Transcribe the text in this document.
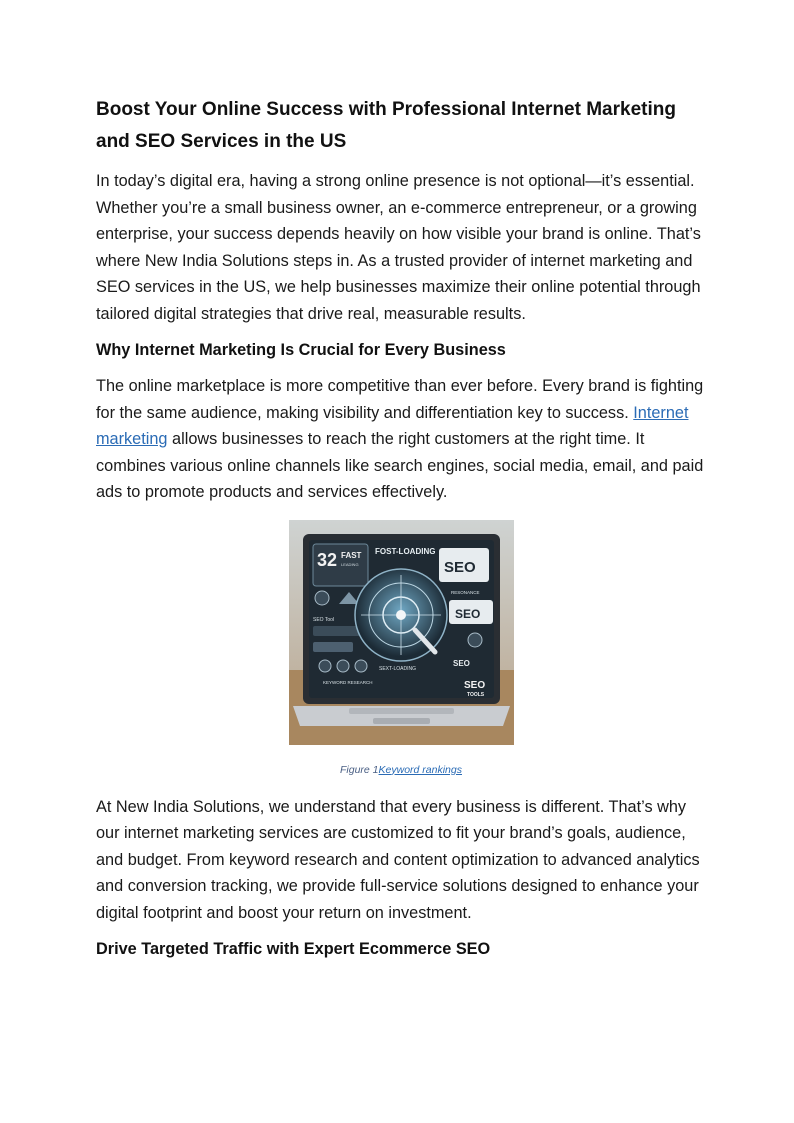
Boost Your Online Success with Professional Internet Marketing and SEO Services in the US

In today’s digital era, having a strong online presence is not optional—it’s essential. Whether you’re a small business owner, an e-commerce entrepreneur, or a growing enterprise, your success depends heavily on how visible your brand is online. That’s where New India Solutions steps in. As a trusted provider of internet marketing and SEO services in the US, we help businesses maximize their online potential through tailored digital strategies that drive real, measurable results.

Why Internet Marketing Is Crucial for Every Business

The online marketplace is more competitive than ever before. Every brand is fighting for the same audience, making visibility and differentiation key to success. Internet marketing allows businesses to reach the right customers at the right time. It combines various online channels like search engines, social media, email, and paid ads to promote products and services effectively.

32 FAST
LEADING
FOST-LOADING
SEO
SEO Tool
RESONANCE
SEO
SEO
SEXT-LOADING
KEYWORD RESEARCH	SEO
TOOLS
Figure 1Keyword rankings

At New India Solutions, we understand that every business is different. That’s why our internet marketing services are customized to fit your brand’s goals, audience, and budget. From keyword research and content optimization to advanced analytics and conversion tracking, we provide full-service solutions designed to enhance your digital footprint and boost your return on investment.

Drive Targeted Traffic with Expert Ecommerce SEO
